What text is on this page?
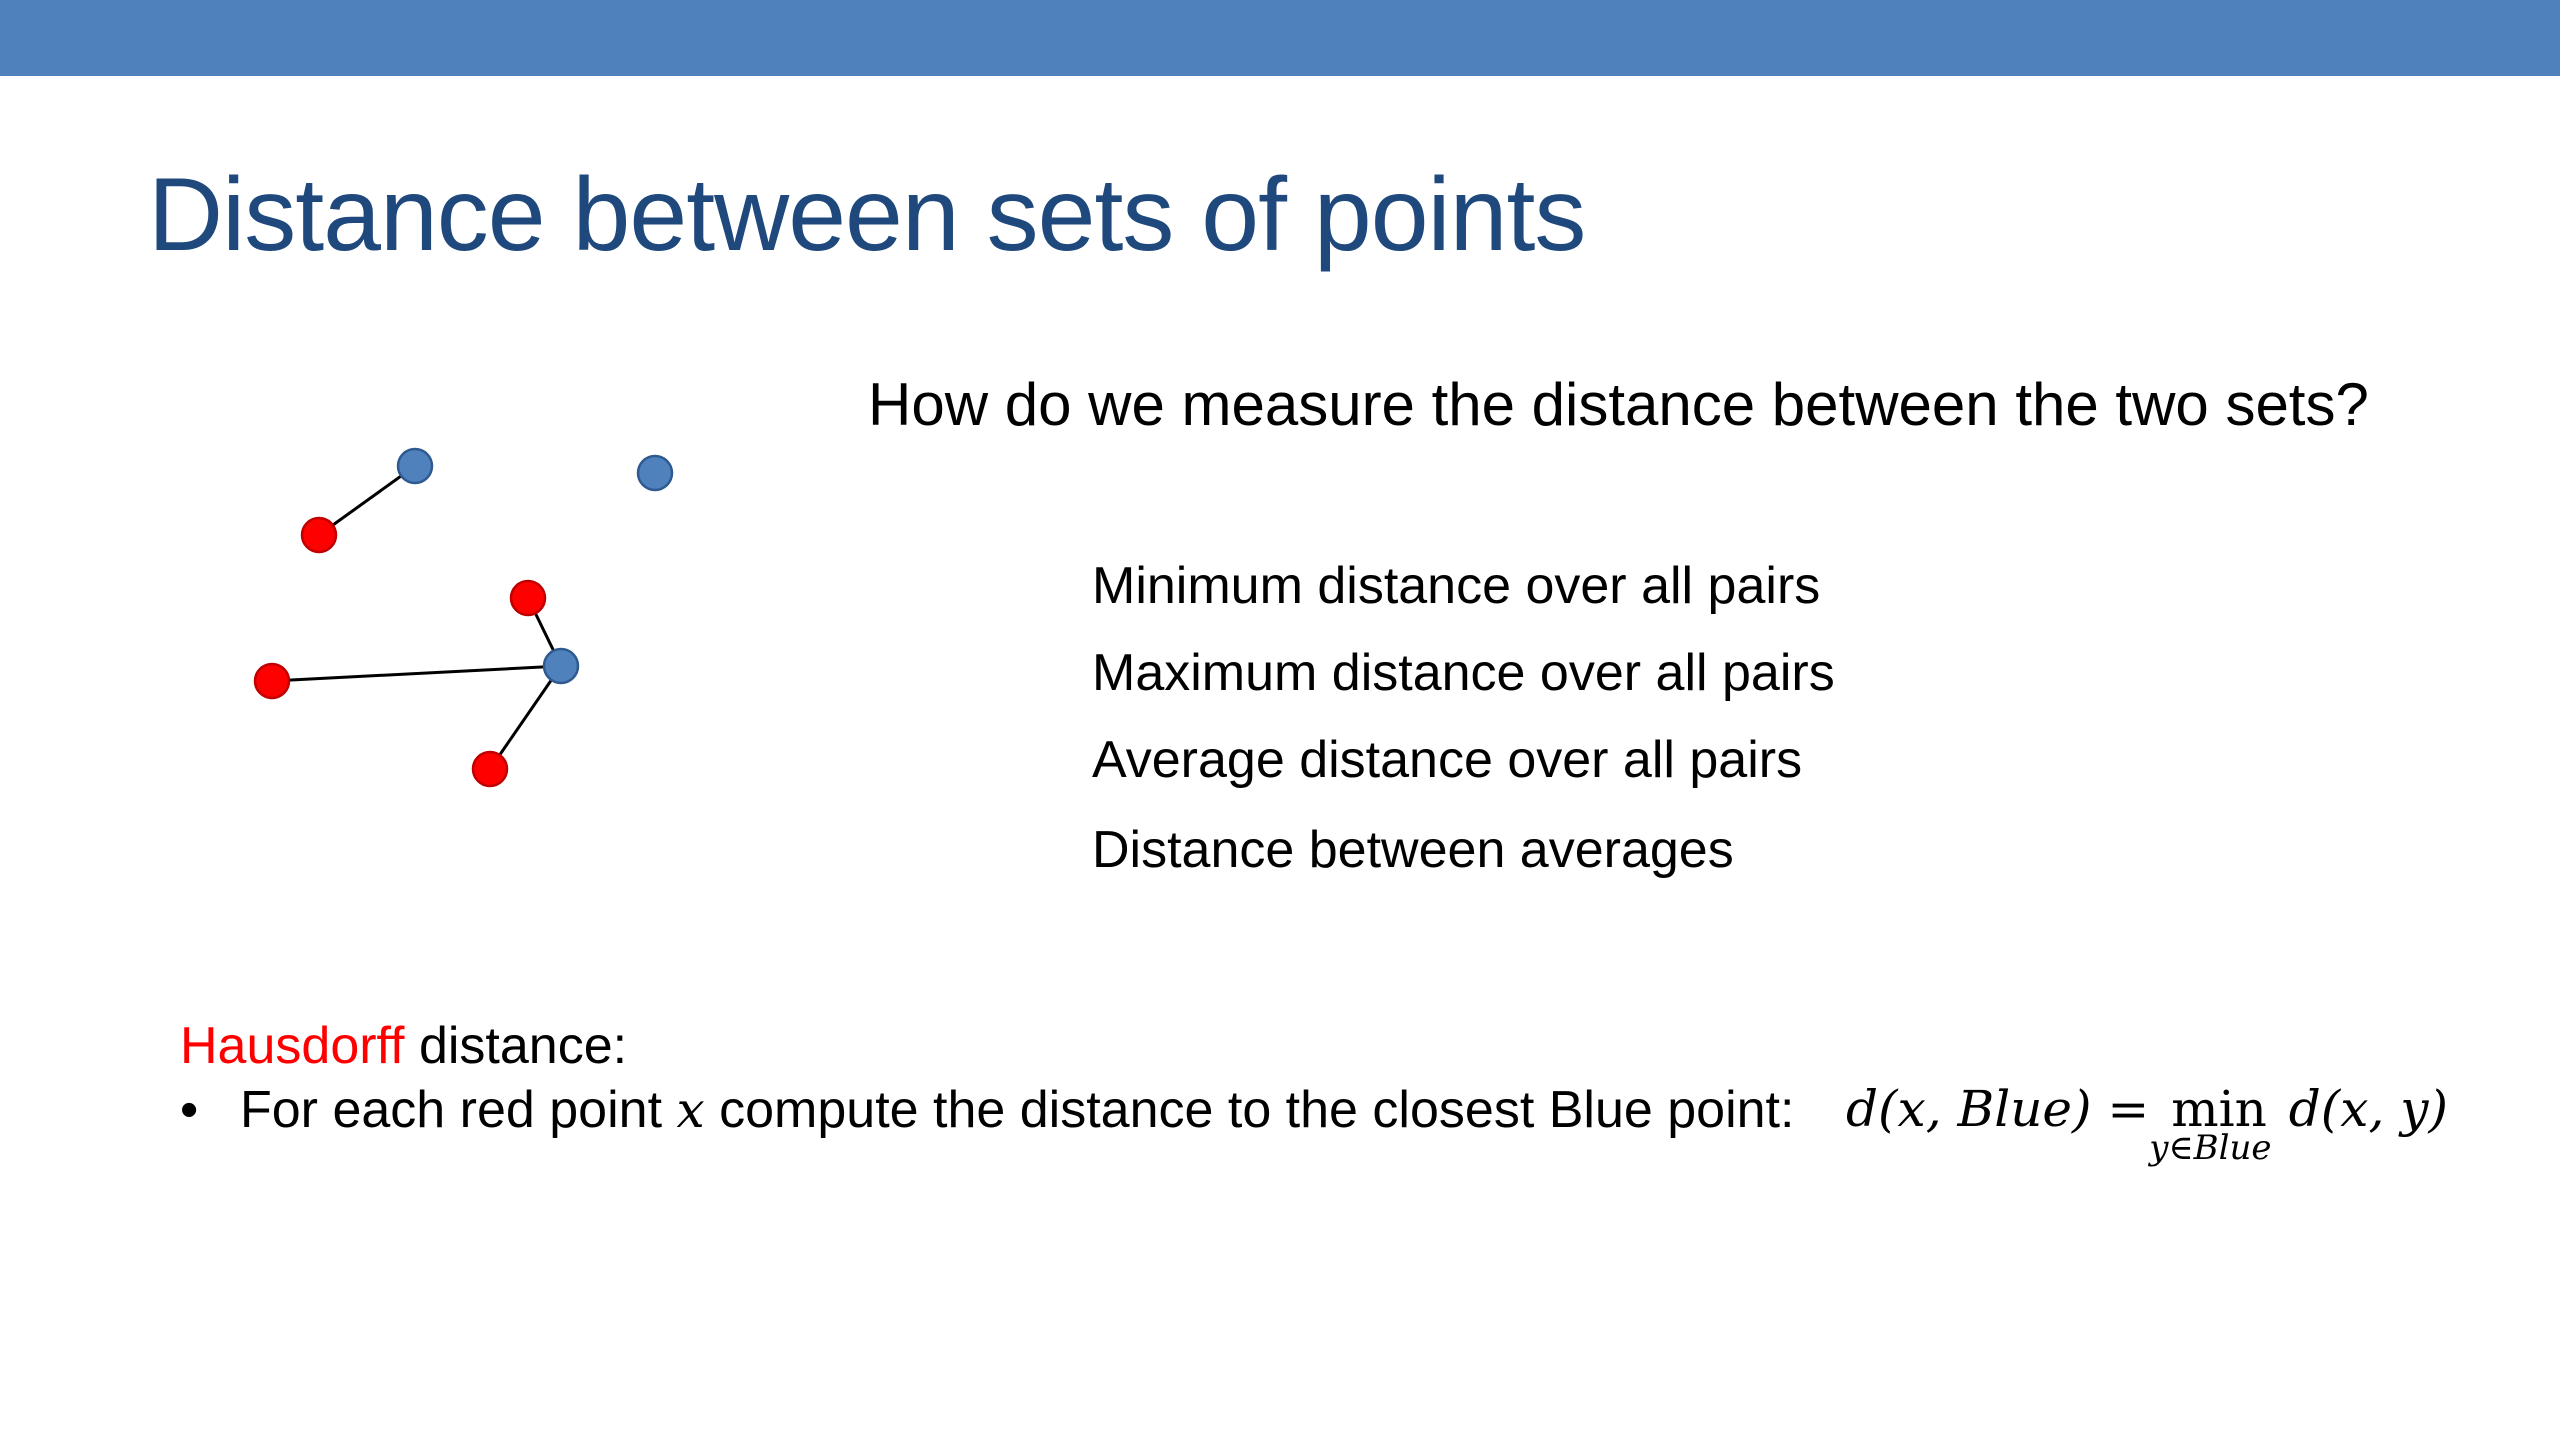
Distance between sets of points
How do we measure the distance between the two sets?
Minimum distance over all pairs
Maximum distance over all pairs
Average distance over all pairs
Distance between averages
Hausdorff distance:
• For each red point x compute the distance to the closest Blue point: d(x, Blue) = min
y∈Blue
d(x, y)
